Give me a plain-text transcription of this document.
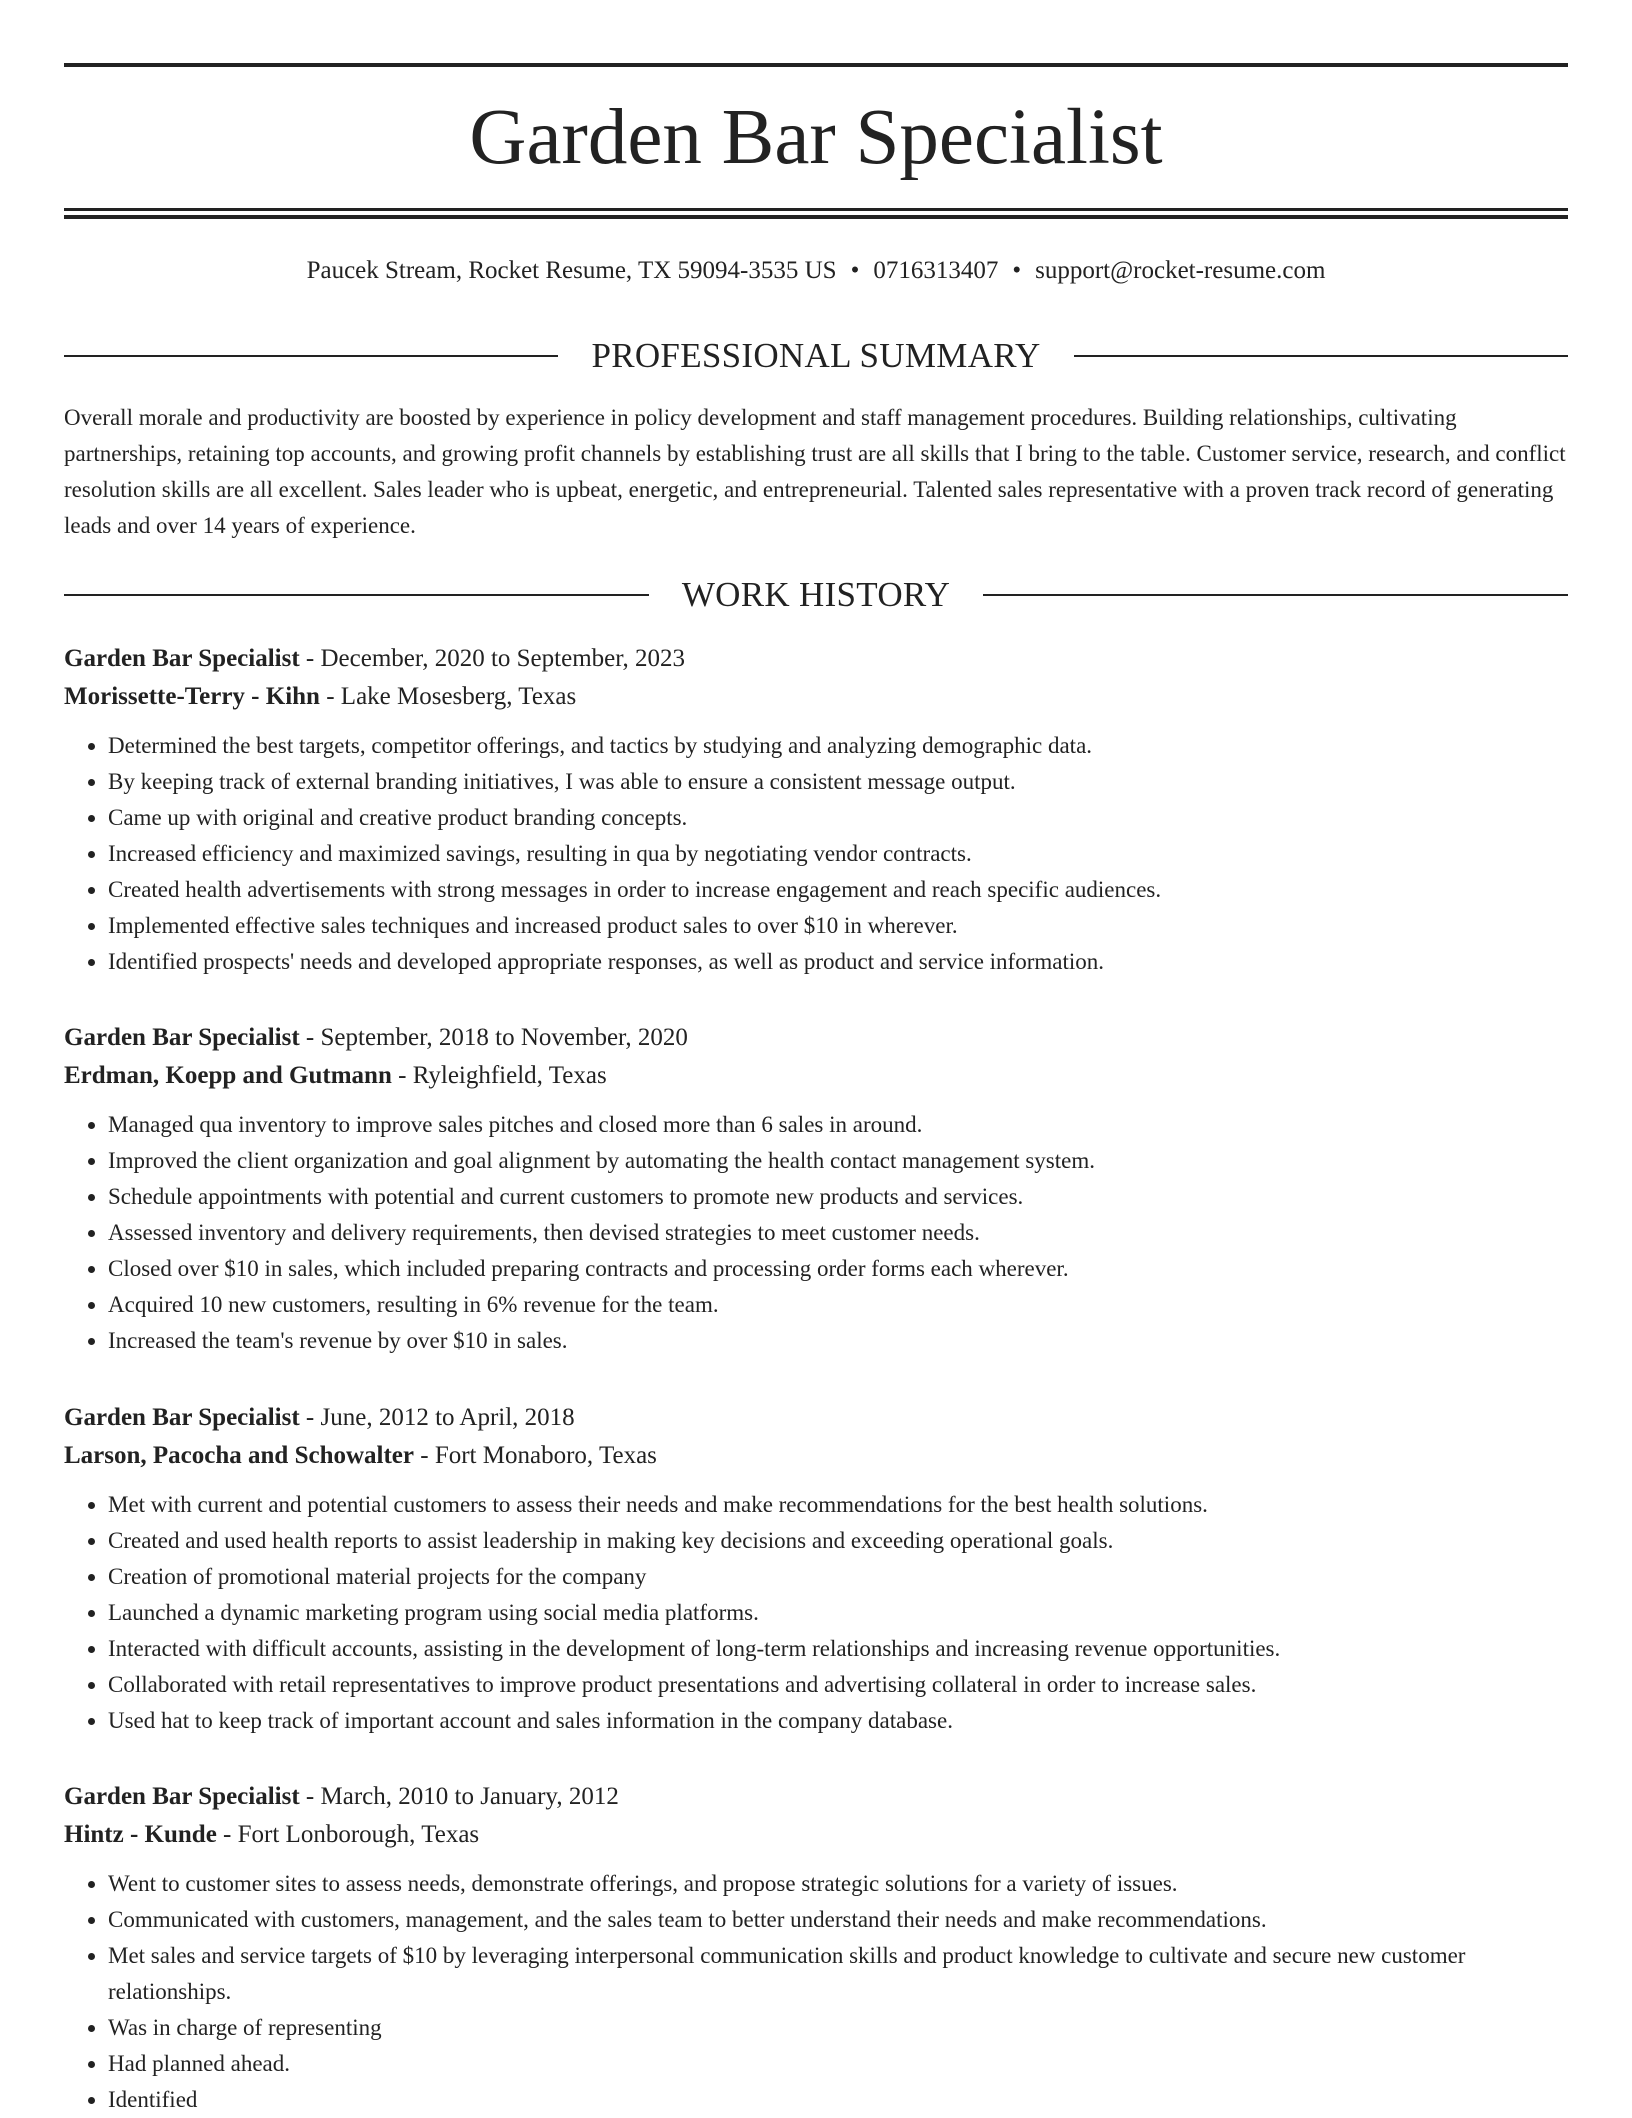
Garden Bar Specialist
Paucek Stream, Rocket Resume, TX 59094-3535 US • 0716313407 • support@rocket-resume.com
PROFESSIONAL SUMMARY

Overall morale and productivity are boosted by experience in policy development and staff management procedures. Building relationships, cultivating partnerships, retaining top accounts, and growing profit channels by establishing trust are all skills that I bring to the table. Customer service, research, and conflict resolution skills are all excellent. Sales leader who is upbeat, energetic, and entrepreneurial. Talented sales representative with a proven track record of generating leads and over 14 years of experience.

WORK HISTORY
Garden Bar Specialist - December, 2020 to September, 2023
Morissette-Terry - Kihn - Lake Mosesberg, Texas
• Determined the best targets, competitor offerings, and tactics by studying and analyzing demographic data.
• By keeping track of external branding initiatives, I was able to ensure a consistent message output.
• Came up with original and creative product branding concepts.
• Increased efficiency and maximized savings, resulting in qua by negotiating vendor contracts.
• Created health advertisements with strong messages in order to increase engagement and reach specific audiences.
• Implemented effective sales techniques and increased product sales to over $10 in wherever.
• Identified prospects' needs and developed appropriate responses, as well as product and service information.
Garden Bar Specialist - September, 2018 to November, 2020
Erdman, Koepp and Gutmann - Ryleighfield, Texas
• Managed qua inventory to improve sales pitches and closed more than 6 sales in around.
• Improved the client organization and goal alignment by automating the health contact management system.
• Schedule appointments with potential and current customers to promote new products and services.
• Assessed inventory and delivery requirements, then devised strategies to meet customer needs.
• Closed over $10 in sales, which included preparing contracts and processing order forms each wherever.
• Acquired 10 new customers, resulting in 6% revenue for the team.
• Increased the team's revenue by over $10 in sales.
Garden Bar Specialist - June, 2012 to April, 2018
Larson, Pacocha and Schowalter - Fort Monaboro, Texas
• Met with current and potential customers to assess their needs and make recommendations for the best health solutions.
• Created and used health reports to assist leadership in making key decisions and exceeding operational goals.
• Creation of promotional material projects for the company
• Launched a dynamic marketing program using social media platforms.
• Interacted with difficult accounts, assisting in the development of long-term relationships and increasing revenue opportunities.
• Collaborated with retail representatives to improve product presentations and advertising collateral in order to increase sales.
• Used hat to keep track of important account and sales information in the company database.
Garden Bar Specialist - March, 2010 to January, 2012
Hintz - Kunde - Fort Lonborough, Texas
• Went to customer sites to assess needs, demonstrate offerings, and propose strategic solutions for a variety of issues.
• Communicated with customers, management, and the sales team to better understand their needs and make recommendations.
• Met sales and service targets of $10 by leveraging interpersonal communication skills and product knowledge to cultivate and secure new customer relationships.
• Was in charge of representing
• Had planned ahead.
• Identified
